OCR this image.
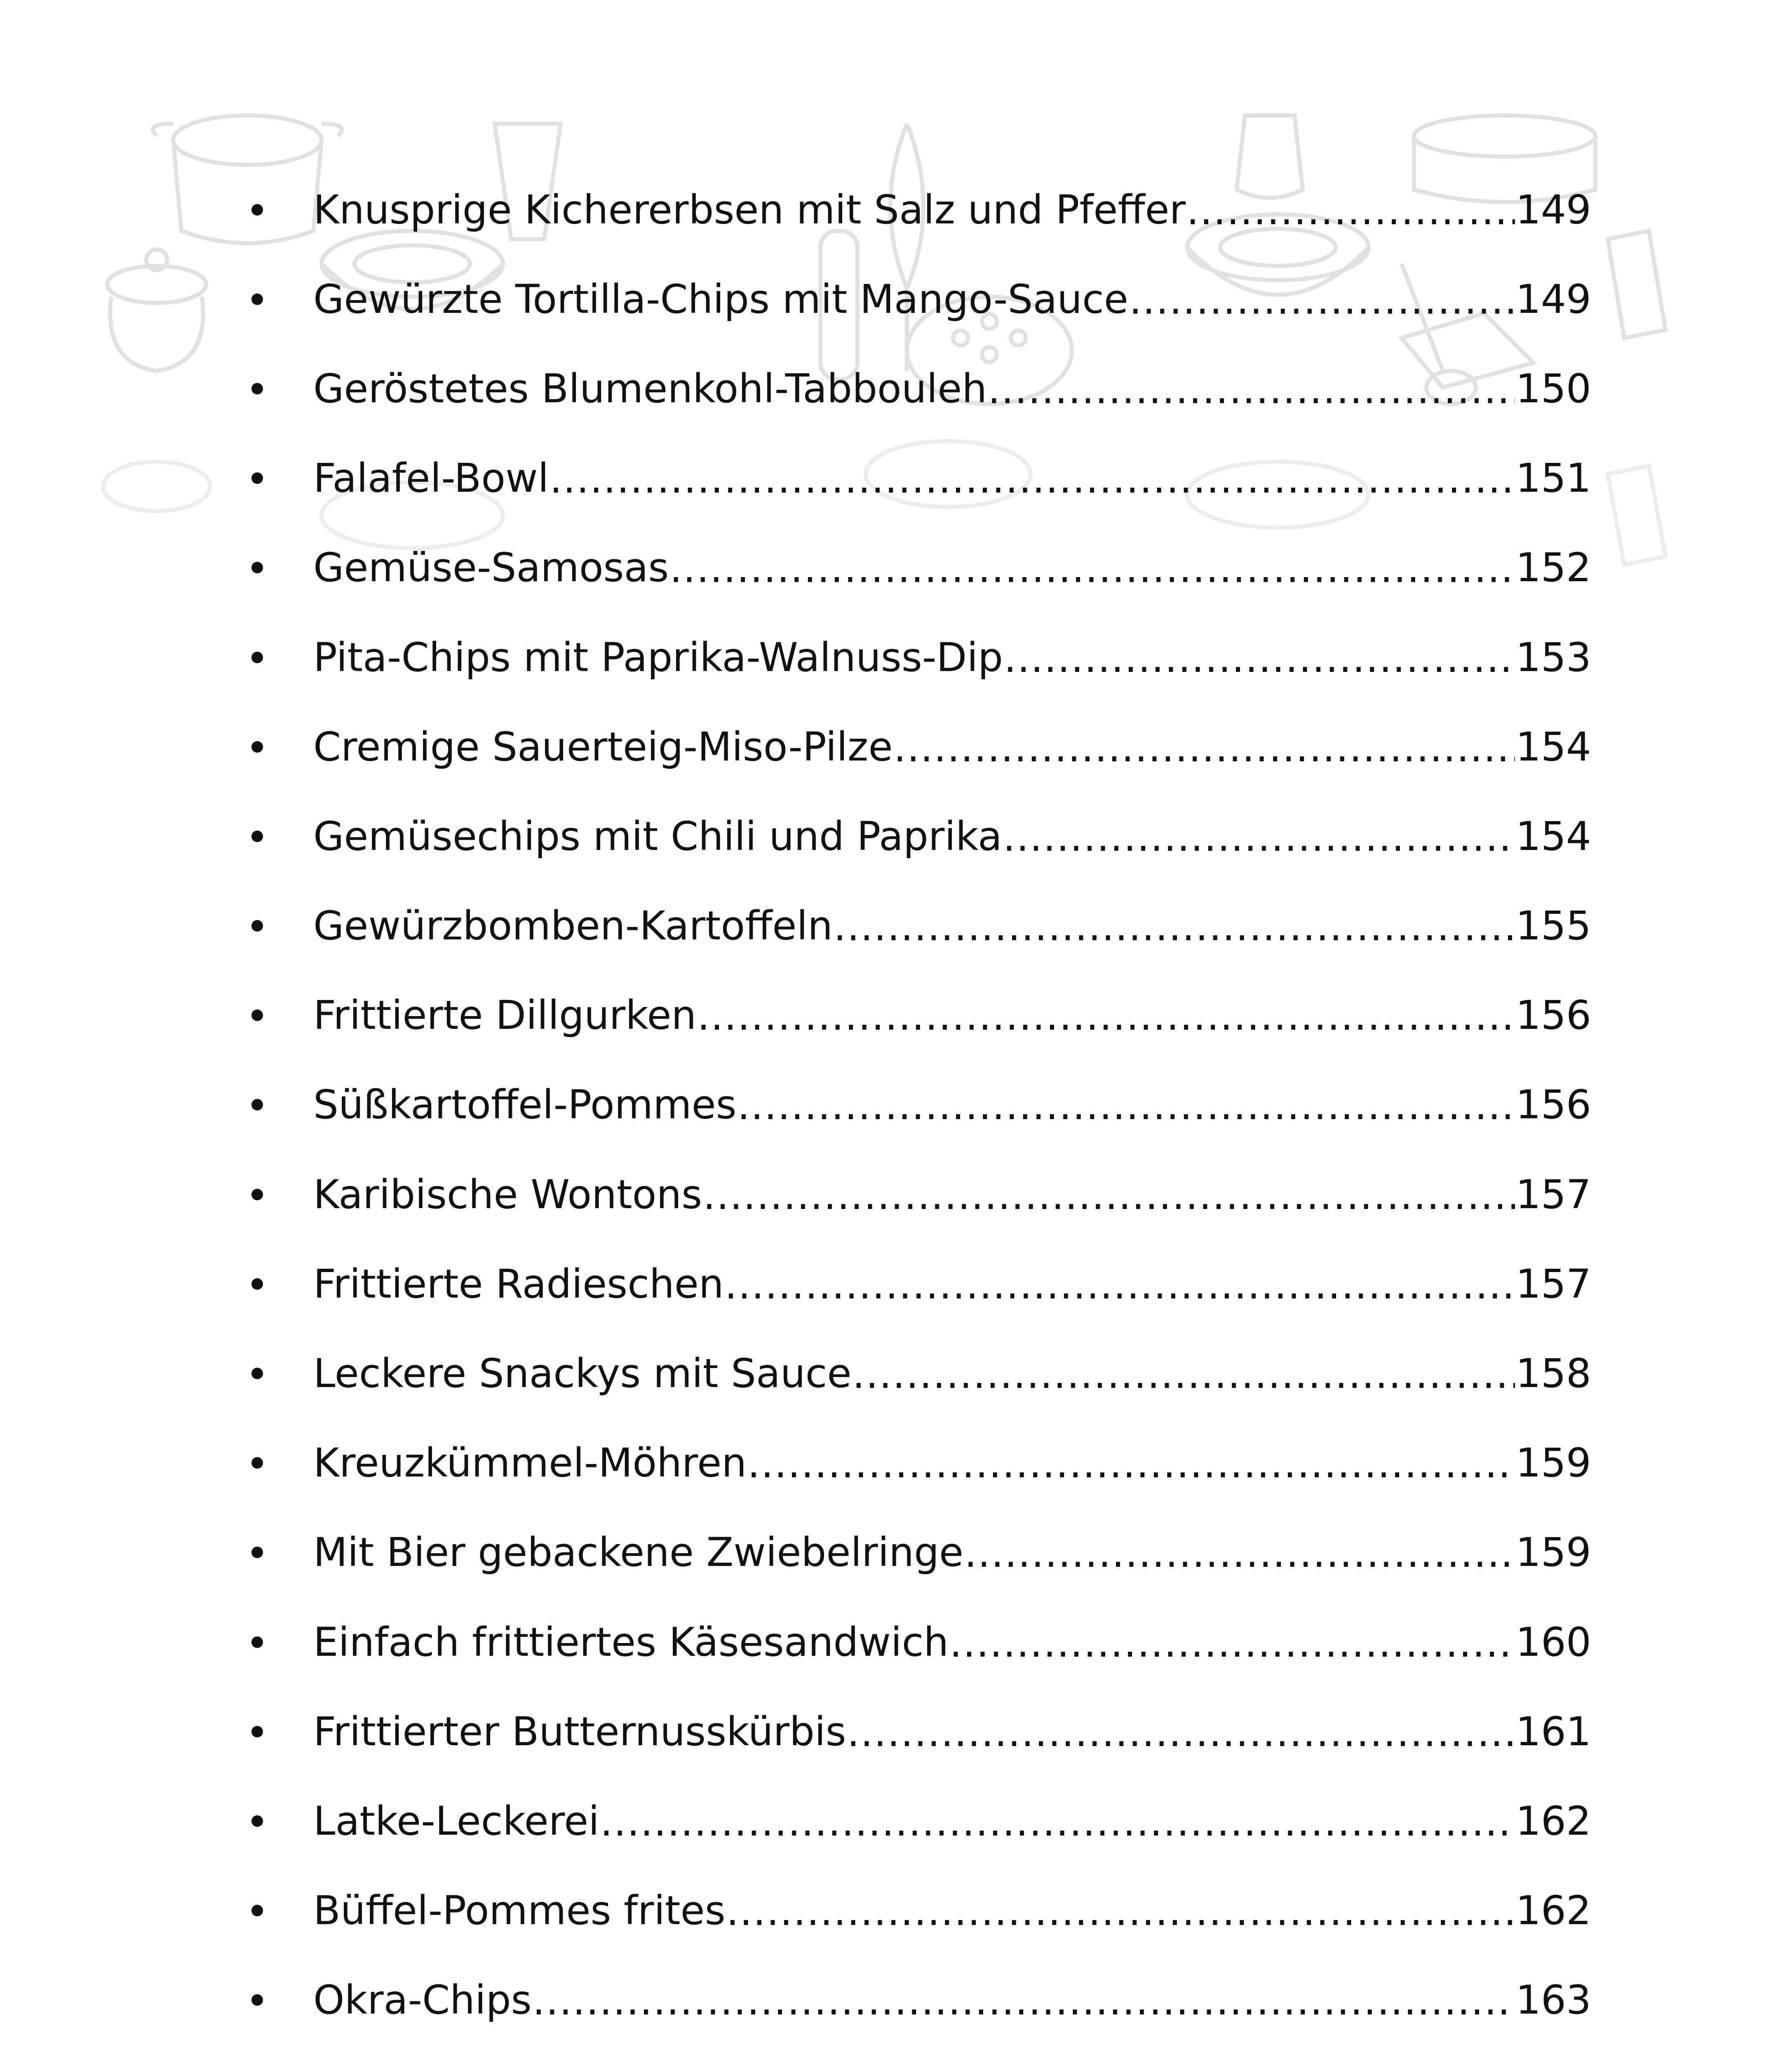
Knusprige Kichererbsen mit Salz und Pfeffer .....	149
Gewürzte Tortilla-Chips mit Mango-Sauce .....	149
Geröstetes Blumenkohl-Tabbouleh .....	150
Falafel-Bowl .....	151
Gemüse-Samosas .....	152
Pita-Chips mit Paprika-Walnuss-Dip .....	153
Cremige Sauerteig-Miso-Pilze .....	154
Gemüsechips mit Chili und Paprika .....	154
Gewürzbomben-Kartoffeln .....	155
Frittierte Dillgurken .....	156
Süßkartoffel-Pommes .....	156
Karibische Wontons .....	157
Frittierte Radieschen .....	157
Leckere Snackys mit Sauce .....	158
Kreuzkümmel-Möhren .....	159
Mit Bier gebackene Zwiebelringe .....	159
Einfach frittiertes Käsesandwich .....	160
Frittierter Butternusskürbis .....	161
Latke-Leckerei .....	162
Büffel-Pommes frites .....	162
Okra-Chips .....	163
